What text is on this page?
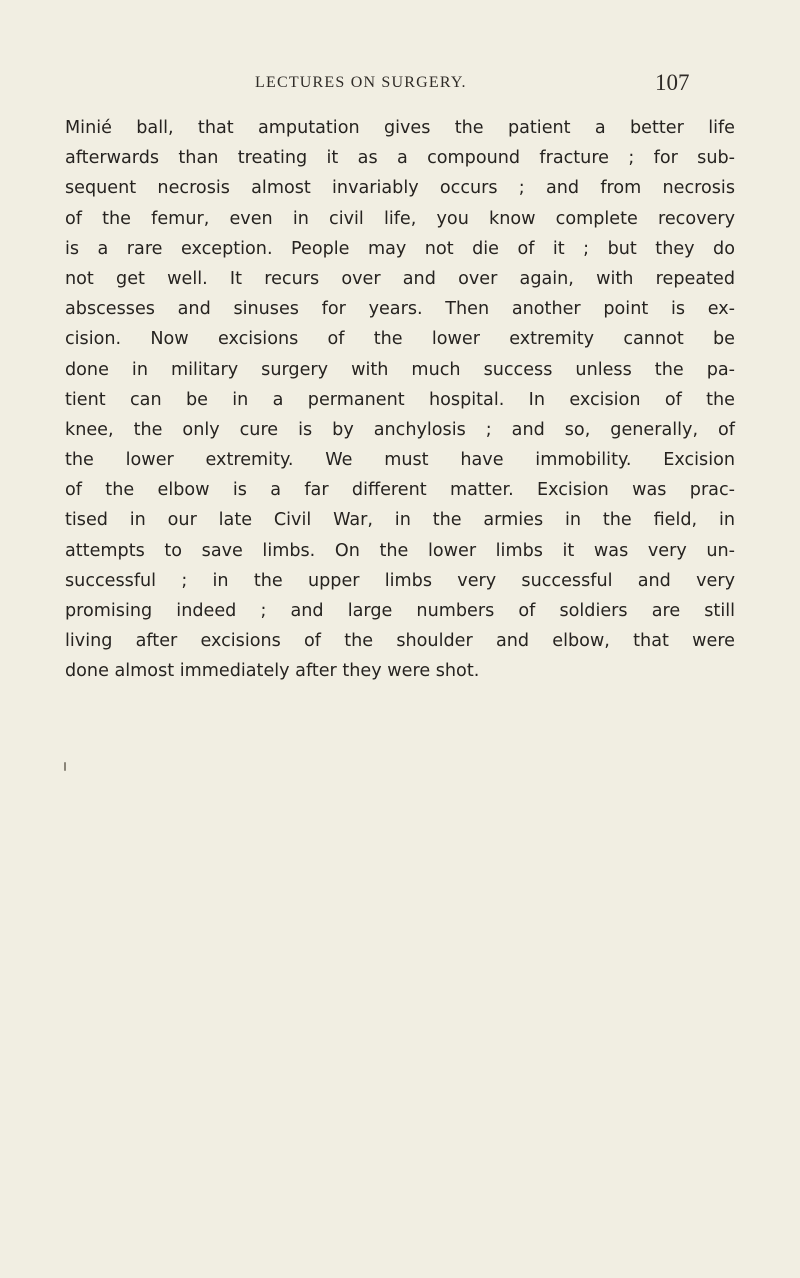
LECTURES ON SURGERY.	107
Minié ball, that amputation gives the patient a better life
afterwards than treating it as a compound fracture ; for sub-
sequent necrosis almost invariably occurs ; and from necrosis
of the femur, even in civil life, you know complete recovery
is a rare exception. People may not die of it ; but they do
not get well. It recurs over and over again, with repeated
abscesses and sinuses for years. Then another point is ex-
cision. Now excisions of the lower extremity cannot be
done in military surgery with much success unless the pa-
tient can be in a permanent hospital. In excision of the
knee, the only cure is by anchylosis ; and so, generally, of
the lower extremity. We must have immobility. Excision
of the elbow is a far different matter. Excision was prac-
tised in our late Civil War, in the armies in the field, in
attempts to save limbs. On the lower limbs it was very un-
successful ; in the upper limbs very successful and very
promising indeed ; and large numbers of soldiers are still
living after excisions of the shoulder and elbow, that were
done almost immediately after they were shot.
